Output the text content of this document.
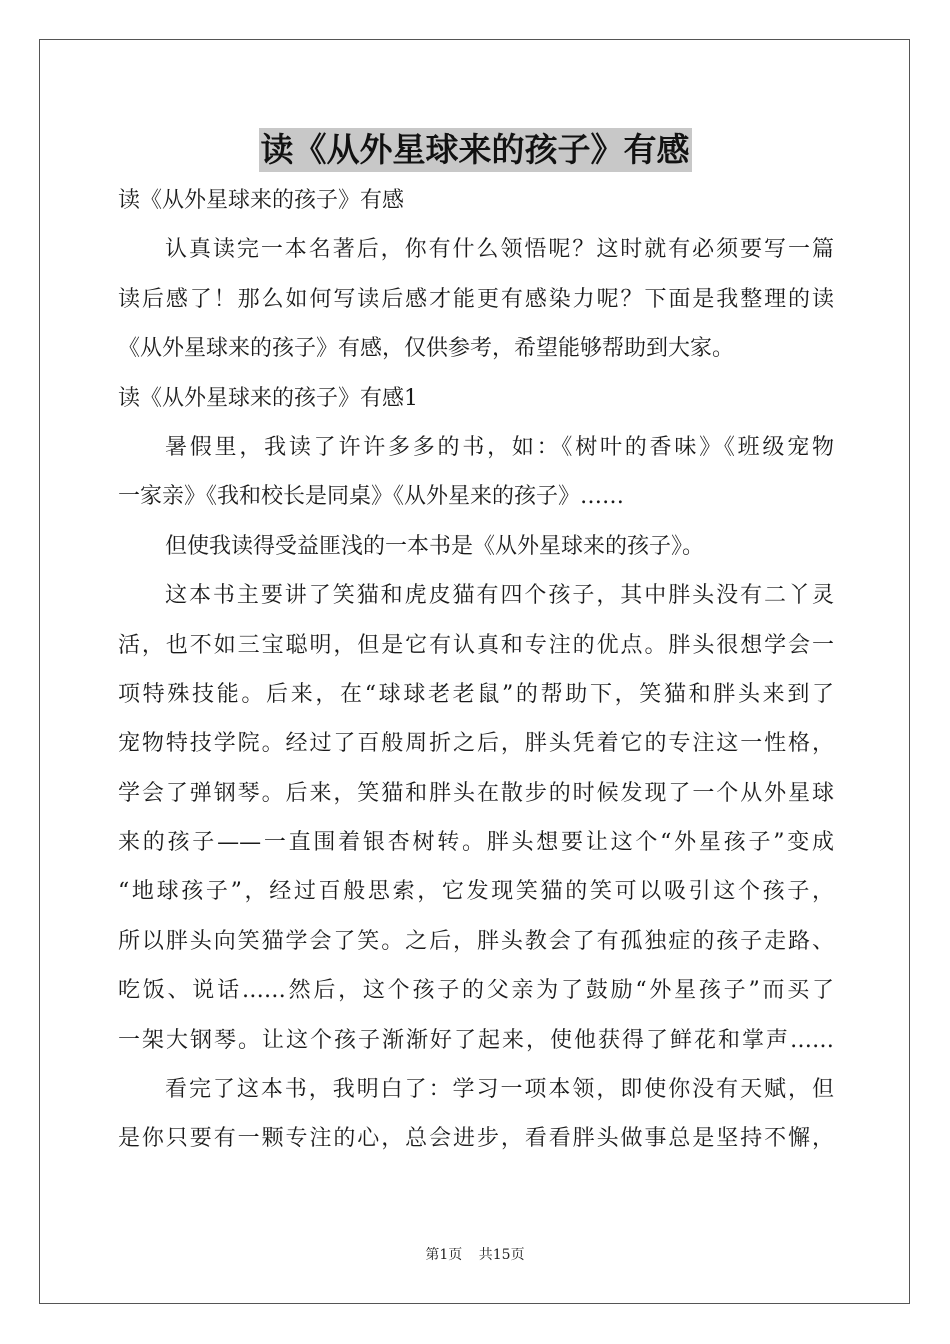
读《从外星球来的孩子》有感
读《从外星球来的孩子》有感
认真读完一本名著后，你有什么领悟呢？这时就有必须要写一篇
读后感了！那么如何写读后感才能更有感染力呢？下面是我整理的读
《从外星球来的孩子》有感，仅供参考，希望能够帮助到大家。
读《从外星球来的孩子》有感1
暑假里，我读了许许多多的书，如：《树叶的香味》《班级宠物
一家亲》《我和校长是同桌》《从外星来的孩子》……
但使我读得受益匪浅的一本书是《从外星球来的孩子》。
这本书主要讲了笑猫和虎皮猫有四个孩子，其中胖头没有二丫灵
活，也不如三宝聪明，但是它有认真和专注的优点。胖头很想学会一
项特殊技能。后来，在“球球老老鼠”的帮助下，笑猫和胖头来到了
宠物特技学院。经过了百般周折之后，胖头凭着它的专注这一性格，
学会了弹钢琴。后来，笑猫和胖头在散步的时候发现了一个从外星球
来的孩子——一直围着银杏树转。胖头想要让这个“外星孩子”变成
“地球孩子”，经过百般思索，它发现笑猫的笑可以吸引这个孩子，
所以胖头向笑猫学会了笑。之后，胖头教会了有孤独症的孩子走路、
吃饭、说话……然后，这个孩子的父亲为了鼓励“外星孩子”而买了
一架大钢琴。让这个孩子渐渐好了起来，使他获得了鲜花和掌声……
看完了这本书，我明白了：学习一项本领，即使你没有天赋，但
是你只要有一颗专注的心，总会进步，看看胖头做事总是坚持不懈，
第1页 共15页
